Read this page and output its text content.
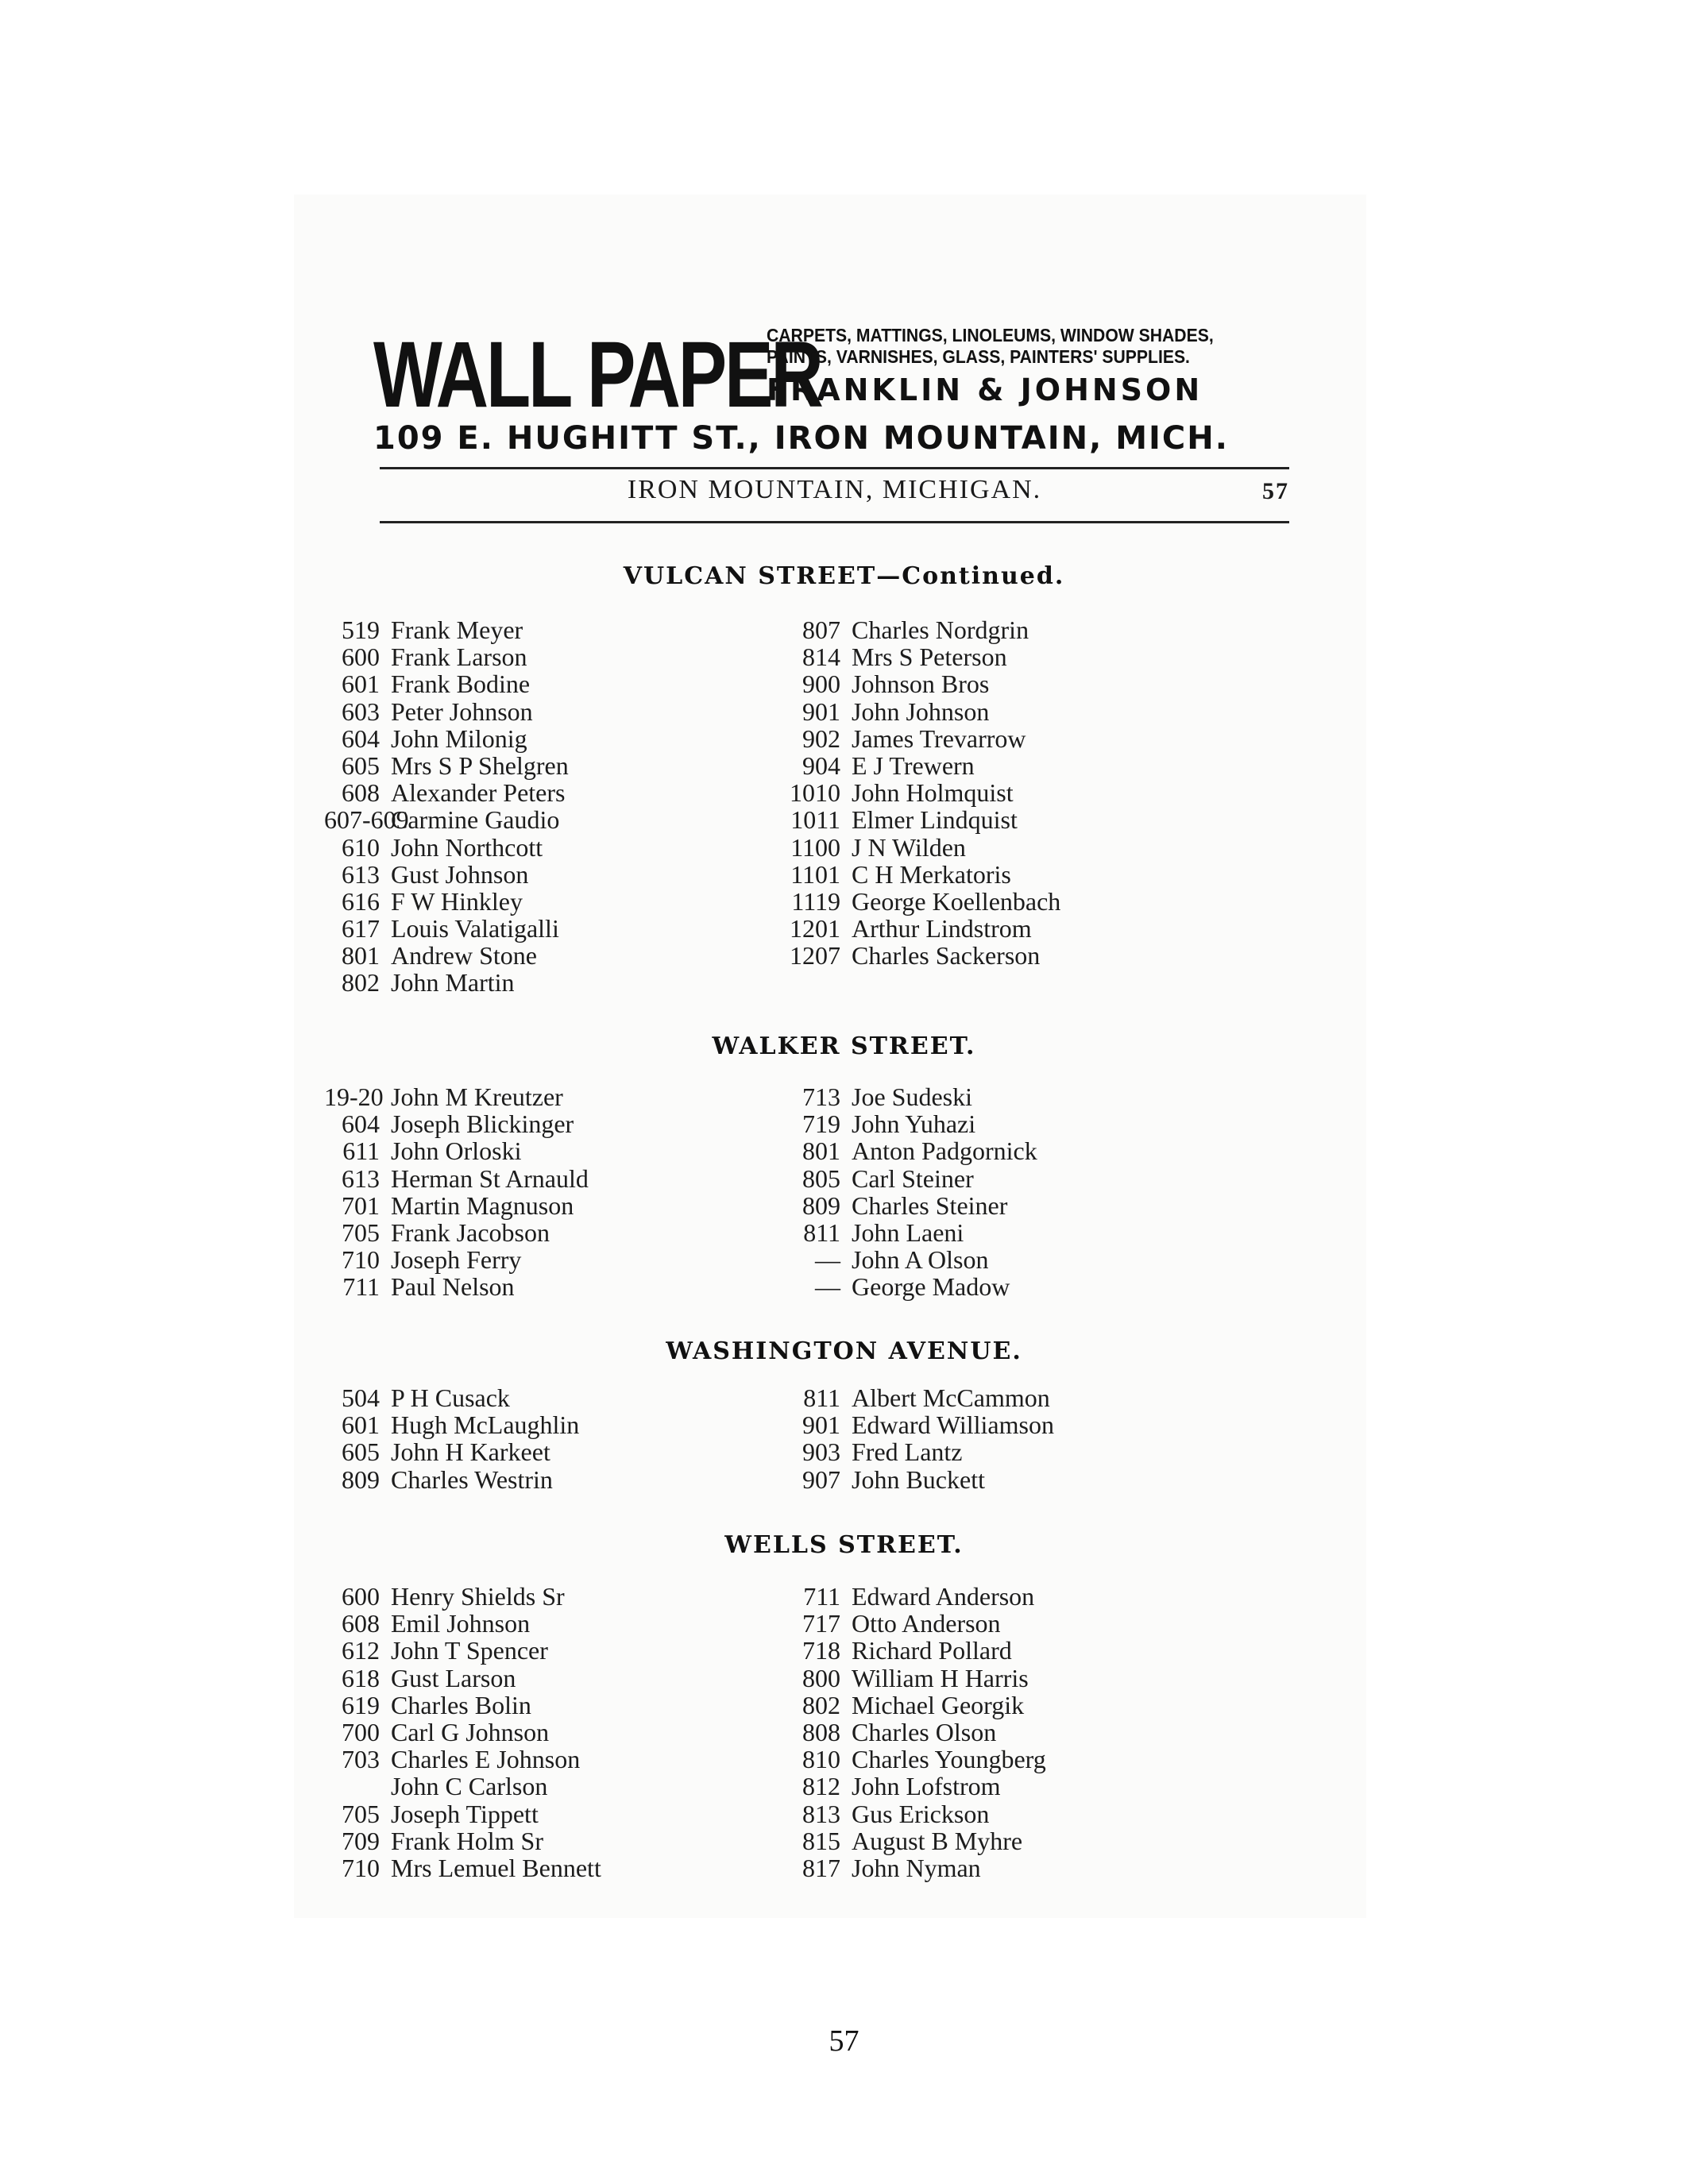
WALL PAPER
CARPETS, MATTINGS, LINOLEUMS, WINDOW SHADES,
PAINTS, VARNISHES, GLASS, PAINTERS' SUPPLIES.
FRANKLIN & JOHNSON
109 E. HUGHITT ST., IRON MOUNTAIN, MICH.
IRON MOUNTAIN, MICHIGAN.	57
VULCAN STREET—Continued.
519 Frank Meyer
600 Frank Larson
601 Frank Bodine
603 Peter Johnson
604 John Milonig
605 Mrs S P Shelgren
608 Alexander Peters
607-609Carmine Gaudio
610 John Northcott
613 Gust Johnson
616 F W Hinkley
617 Louis Valatigalli
801 Andrew Stone
802 John Martin
807 Charles Nordgrin
814 Mrs S Peterson
900 Johnson Bros
901 John Johnson
902 James Trevarrow
904 E J Trewern
1010 John Holmquist
1011 Elmer Lindquist
1100 J N Wilden
1101 C H Merkatoris
1119 George Koellenbach
1201 Arthur Lindstrom
1207 Charles Sackerson
WALKER STREET.
19-20 John M Kreutzer
604 Joseph Blickinger
611 John Orloski
613 Herman St Arnauld
701 Martin Magnuson
705 Frank Jacobson
710 Joseph Ferry
711 Paul Nelson
713 Joe Sudeski
719 John Yuhazi
801 Anton Padgornick
805 Carl Steiner
809 Charles Steiner
811 John Laeni
— John A Olson
— George Madow
WASHINGTON AVENUE.
504 P H Cusack
601 Hugh McLaughlin
605 John H Karkeet
809 Charles Westrin
811 Albert McCammon
901 Edward Williamson
903 Fred Lantz
907 John Buckett
WELLS STREET.
600 Henry Shields Sr
608 Emil Johnson
612 John T Spencer
618 Gust Larson
619 Charles Bolin
700 Carl G Johnson
703 Charles E Johnson
John C Carlson
705 Joseph Tippett
709 Frank Holm Sr
710 Mrs Lemuel Bennett
711 Edward Anderson
717 Otto Anderson
718 Richard Pollard
800 William H Harris
802 Michael Georgik
808 Charles Olson
810 Charles Youngberg
812 John Lofstrom
813 Gus Erickson
815 August B Myhre
817 John Nyman
57
